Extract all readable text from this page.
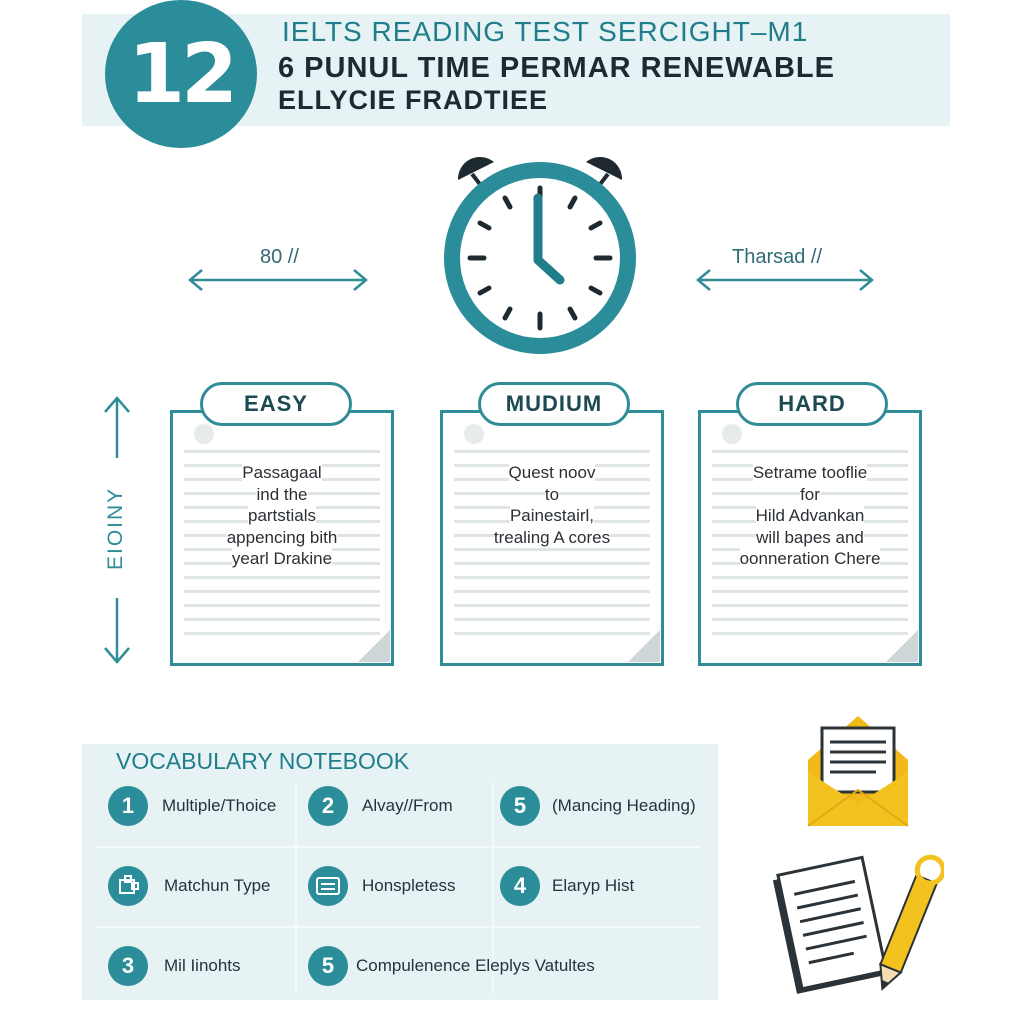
12 IELTS READING TEST SERCIGHT–M1
6 PUNUL TIME PERMAR RENEWABLE
ELLYCIE FRADTIEE
80 //	Tharsad //
EIOINY
EASY
Passagaal
ind the
partstials
appencing bith
yearl Drakine
MUDIUM
Quest noov
to
Painestairl,
trealing A cores
HARD
Setrame tooflie
for
Hild Advankan
will bapes and
oonneration Chere
VOCABULARY NOTEBOOK
1	Multiple/Thoice	2	Alvay//From	5	(Mancing Heading)
Matchun Type	Honspletess	4	Elaryp Hist
3	Mil Iinohts	5	Compulenence Eleplys Vatultes
